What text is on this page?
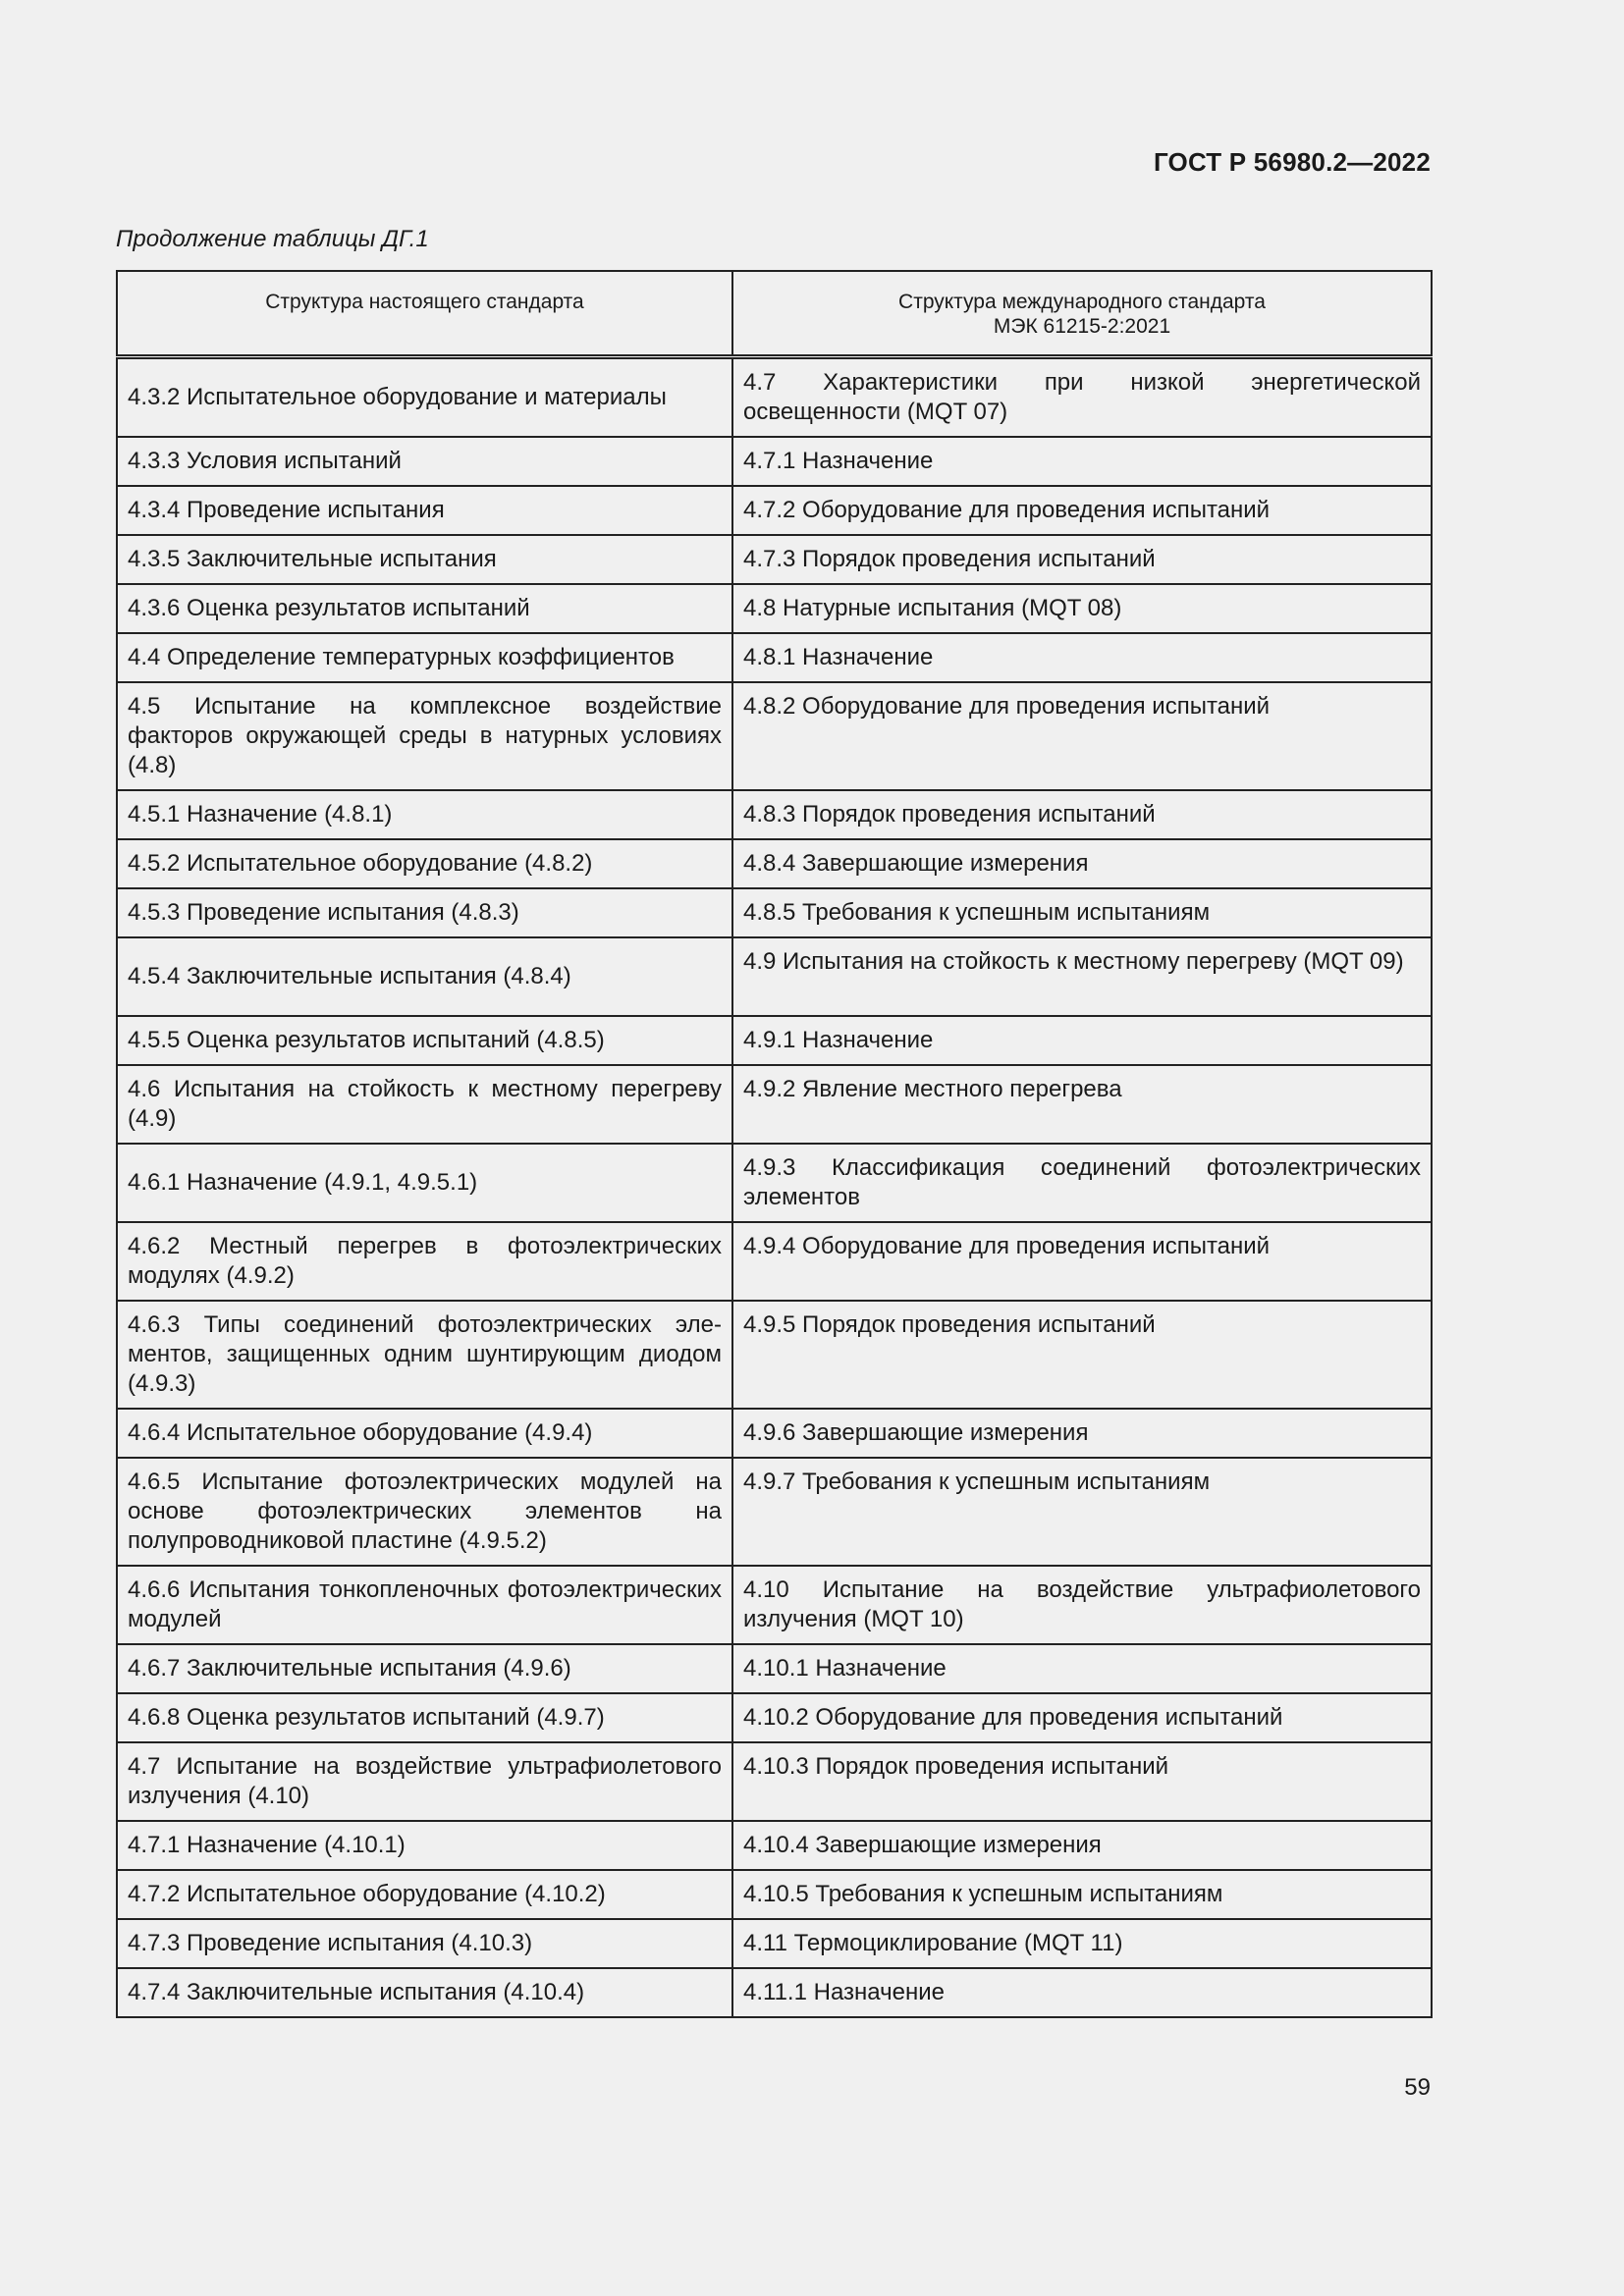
ГОСТ Р 56980.2—2022
Продолжение таблицы ДГ.1
Структура настоящего стандарта	Структура международного стандарта
МЭК 61215-2:2021

4.3.2 Испытательное оборудование и материалы	4.7 Характеристики при низкой энергетической освещенности (MQT 07)
4.3.3 Условия испытаний	4.7.1 Назначение
4.3.4 Проведение испытания	4.7.2 Оборудование для проведения испытаний
4.3.5 Заключительные испытания	4.7.3 Порядок проведения испытаний
4.3.6 Оценка результатов испытаний	4.8 Натурные испытания (MQT 08)
4.4 Определение температурных коэффициентов	4.8.1 Назначение
4.5 Испытание на комплексное воздействие факторов окружающей среды в натурных условиях (4.8)	4.8.2 Оборудование для проведения испытаний
4.5.1 Назначение (4.8.1)	4.8.3 Порядок проведения испытаний
4.5.2 Испытательное оборудование (4.8.2)	4.8.4 Завершающие измерения
4.5.3 Проведение испытания (4.8.3)	4.8.5 Требования к успешным испытаниям
4.5.4 Заключительные испытания (4.8.4)	4.9 Испытания на стойкость к местному перегреву (MQT 09)
4.5.5 Оценка результатов испытаний (4.8.5)	4.9.1 Назначение
4.6 Испытания на стойкость к местному перегреву (4.9)	4.9.2 Явление местного перегрева
4.6.1 Назначение (4.9.1, 4.9.5.1)	4.9.3 Классификация соединений фотоэлектрических элементов
4.6.2 Местный перегрев в фотоэлектрических модулях (4.9.2)	4.9.4 Оборудование для проведения испытаний
4.6.3 Типы соединений фотоэлектрических эле-ментов, защищенных одним шунтирующим диодом (4.9.3)	4.9.5 Порядок проведения испытаний
4.6.4 Испытательное оборудование (4.9.4)	4.9.6 Завершающие измерения
4.6.5 Испытание фотоэлектрических модулей на основе фотоэлектрических элементов на полупроводниковой пластине (4.9.5.2)	4.9.7 Требования к успешным испытаниям
4.6.6 Испытания тонкопленочных фотоэлектрических модулей	4.10 Испытание на воздействие ультрафиолетового излучения (MQT 10)
4.6.7 Заключительные испытания (4.9.6)	4.10.1 Назначение
4.6.8 Оценка результатов испытаний (4.9.7)	4.10.2 Оборудование для проведения испытаний
4.7 Испытание на воздействие ультрафиолетового излучения (4.10)	4.10.3 Порядок проведения испытаний
4.7.1 Назначение (4.10.1)	4.10.4 Завершающие измерения
4.7.2 Испытательное оборудование (4.10.2)	4.10.5 Требования к успешным испытаниям
4.7.3 Проведение испытания (4.10.3)	4.11 Термоциклирование (MQT 11)
4.7.4 Заключительные испытания (4.10.4)	4.11.1 Назначение
59
